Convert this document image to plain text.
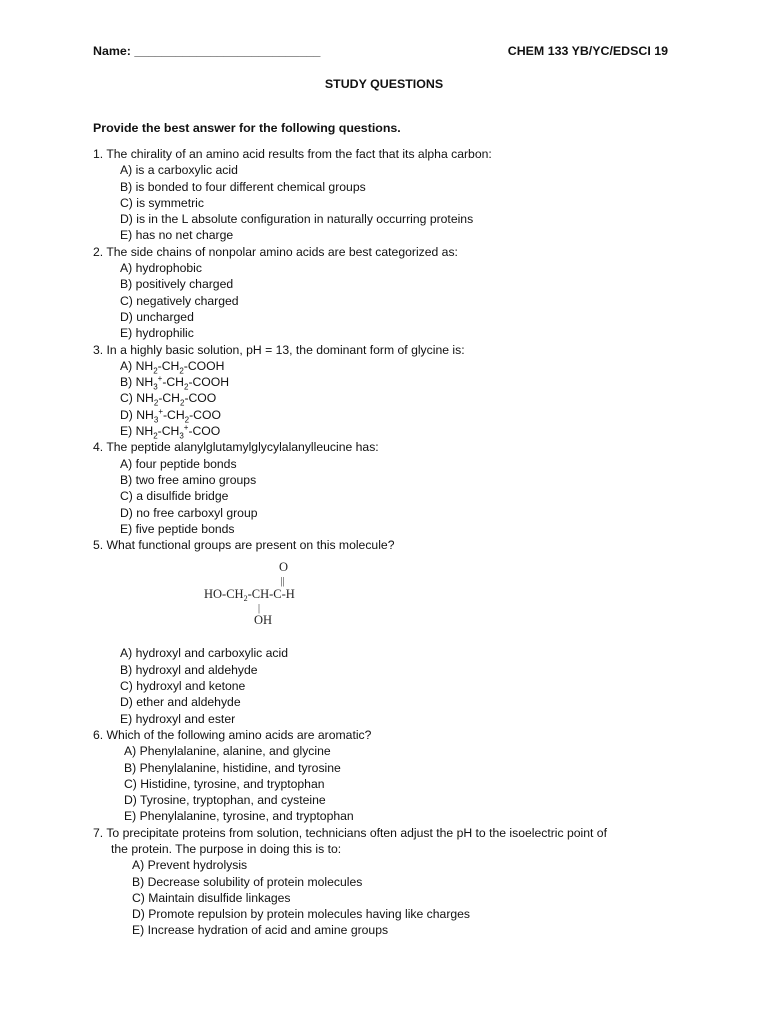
Name: ___________________________	CHEM 133 YB/YC/EDSCI 19
STUDY QUESTIONS
Provide the best answer for the following questions.

1. The chirality of an amino acid results from the fact that its alpha carbon:

A) is a carboxylic acid
B) is bonded to four different chemical groups
C) is symmetric
D) is in the L absolute configuration in naturally occurring proteins
E) has no net charge

2. The side chains of nonpolar amino acids are best categorized as:

A) hydrophobic
B) positively charged
C) negatively charged
D) uncharged
E) hydrophilic

3. In a highly basic solution, pH = 13, the dominant form of glycine is:

A) $NH_2-CH_2$-COOH
B) $NH_3^+-CH_2$-COOH
C) $NH_2-CH_2$-COO
D) $NH_3^+-CH_2$-COO
E) $NH_2-CH_3^+$-COO

4. The peptide alanylglutamylglycylalanylleucine has:

A) four peptide bonds
B) two free amino groups
C) a disulfide bridge
D) no free carboxyl group
E) five peptide bonds

5. What functional groups are present on this molecule?

O
||
$HO-CH_2-CH-C-H$
|
OH
A) hydroxyl and carboxylic acid
B) hydroxyl and aldehyde
C) hydroxyl and ketone
D) ether and aldehyde
E) hydroxyl and ester

6. Which of the following amino acids are aromatic?

A) Phenylalanine, alanine, and glycine
B) Phenylalanine, histidine, and tyrosine
C) Histidine, tyrosine, and tryptophan
D) Tyrosine, tryptophan, and cysteine
E) Phenylalanine, tyrosine, and tryptophan

7. To precipitate proteins from solution, technicians often adjust the pH to the isoelectric point of
the protein. The purpose in doing this is to:

A) Prevent hydrolysis
B) Decrease solubility of protein molecules
C) Maintain disulfide linkages
D) Promote repulsion by protein molecules having like charges
E) Increase hydration of acid and amine groups
